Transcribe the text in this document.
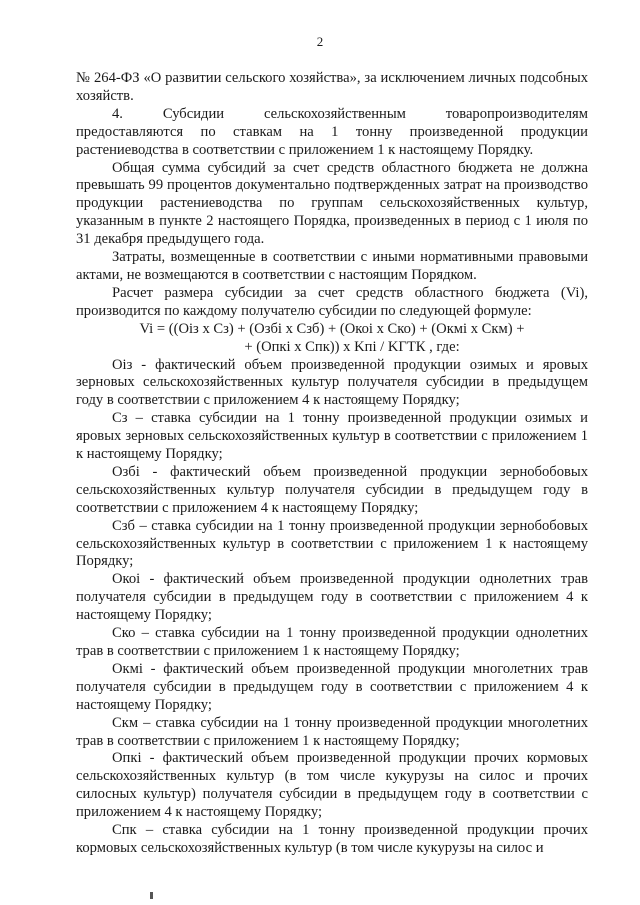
2

№ 264-ФЗ «О развитии сельского хозяйства», за исключением личных подсобных хозяйств.

4. Субсидии сельскохозяйственным товаропроизводителям предоставляются по ставкам на 1 тонну произведенной продукции растениеводства в соответствии с приложением 1 к настоящему Порядку.

Общая сумма субсидий за счет средств областного бюджета не должна превышать 99 процентов документально подтвержденных затрат на производство продукции растениеводства по группам сельскохозяйственных культур, указанным в пункте 2 настоящего Порядка, произведенных в период с 1 июля по 31 декабря предыдущего года.

Затраты, возмещенные в соответствии с иными нормативными правовыми актами, не возмещаются в соответствии с настоящим Порядком.

Расчет размера субсидии за счет средств областного бюджета (Vi), производится по каждому получателю субсидии по следующей формуле:

Vi = ((Oiз x Cз) + (Oзбi x Cзб) + (Oкоi x Cко) + (Oкмi x Cкм) +

+ (Oпкi x Cпк)) x Kпi / KГТК , где:

Oiз - фактический объем произведенной продукции озимых и яровых зерновых сельскохозяйственных культур получателя субсидии в предыдущем году в соответствии с приложением 4 к настоящему Порядку;

Cз – ставка субсидии на 1 тонну произведенной продукции озимых и яровых зерновых сельскохозяйственных культур в соответствии с приложением 1 к настоящему Порядку;

Oзбi - фактический объем произведенной продукции зернобобовых сельскохозяйственных культур получателя субсидии в предыдущем году в соответствии с приложением 4 к настоящему Порядку;

Cзб – ставка субсидии на 1 тонну произведенной продукции зернобобовых сельскохозяйственных культур в соответствии с приложением 1 к настоящему Порядку;

Oкоi - фактический объем произведенной продукции однолетних трав получателя субсидии в предыдущем году в соответствии с приложением 4 к настоящему Порядку;

Cко – ставка субсидии на 1 тонну произведенной продукции однолетних трав в соответствии с приложением 1 к настоящему Порядку;

Oкмi - фактический объем произведенной продукции многолетних трав получателя субсидии в предыдущем году в соответствии с приложением 4 к настоящему Порядку;

Cкм – ставка субсидии на 1 тонну произведенной продукции многолетних трав в соответствии с приложением 1 к настоящему Порядку;

Oпкi - фактический объем произведенной продукции прочих кормовых сельскохозяйственных культур (в том числе кукурузы на силос и прочих силосных культур) получателя субсидии в предыдущем году в соответствии с приложением 4 к настоящему Порядку;

Cпк – ставка субсидии на 1 тонну произведенной продукции прочих кормовых сельскохозяйственных культур (в том числе кукурузы на силос и
